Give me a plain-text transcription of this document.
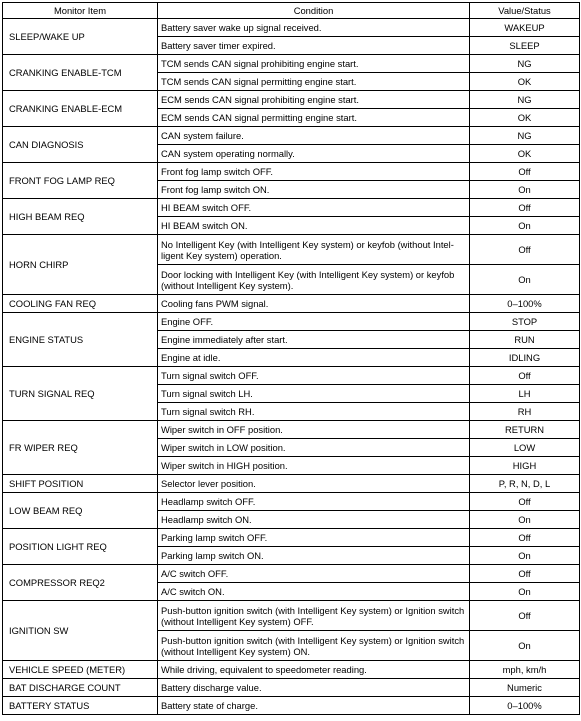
Monitor Item	Condition	Value/Status
SLEEP/WAKE UP	Battery saver wake up signal received.	WAKEUP
	Battery saver timer expired.	SLEEP
CRANKING ENABLE-TCM	TCM sends CAN signal prohibiting engine start.	NG
	TCM sends CAN signal permitting engine start.	OK
CRANKING ENABLE-ECM	ECM sends CAN signal prohibiting engine start.	NG
	ECM sends CAN signal permitting engine start.	OK
CAN DIAGNOSIS	CAN system failure.	NG
	CAN system operating normally.	OK
FRONT FOG LAMP REQ	Front fog lamp switch OFF.	Off
	Front fog lamp switch ON.	On
HIGH BEAM REQ	HI BEAM switch OFF.	Off
	HI BEAM switch ON.	On
HORN CHIRP	No Intelligent Key (with Intelligent Key system) or keyfob (without Intel-ligent Key system) operation.	Off
	Door locking with Intelligent Key (with Intelligent Key system) or keyfob (without Intelligent Key system).	On
COOLING FAN REQ	Cooling fans PWM signal.	0–100%
ENGINE STATUS	Engine OFF.	STOP
	Engine immediately after start.	RUN
	Engine at idle.	IDLING
TURN SIGNAL REQ	Turn signal switch OFF.	Off
	Turn signal switch LH.	LH
	Turn signal switch RH.	RH
FR WIPER REQ	Wiper switch in OFF position.	RETURN
	Wiper switch in LOW position.	LOW
	Wiper switch in HIGH position.	HIGH
SHIFT POSITION	Selector lever position.	P, R, N, D, L
LOW BEAM REQ	Headlamp switch OFF.	Off
	Headlamp switch ON.	On
POSITION LIGHT REQ	Parking lamp switch OFF.	Off
	Parking lamp switch ON.	On
COMPRESSOR REQ2	A/C switch OFF.	Off
	A/C switch ON.	On
IGNITION SW	Push-button ignition switch (with Intelligent Key system) or Ignition switch (without Intelligent Key system) OFF.	Off
	Push-button ignition switch (with Intelligent Key system) or Ignition switch (without Intelligent Key system) ON.	On
VEHICLE SPEED (METER)	While driving, equivalent to speedometer reading.	mph, km/h
BAT DISCHARGE COUNT	Battery discharge value.	Numeric
BATTERY STATUS	Battery state of charge.	0–100%
